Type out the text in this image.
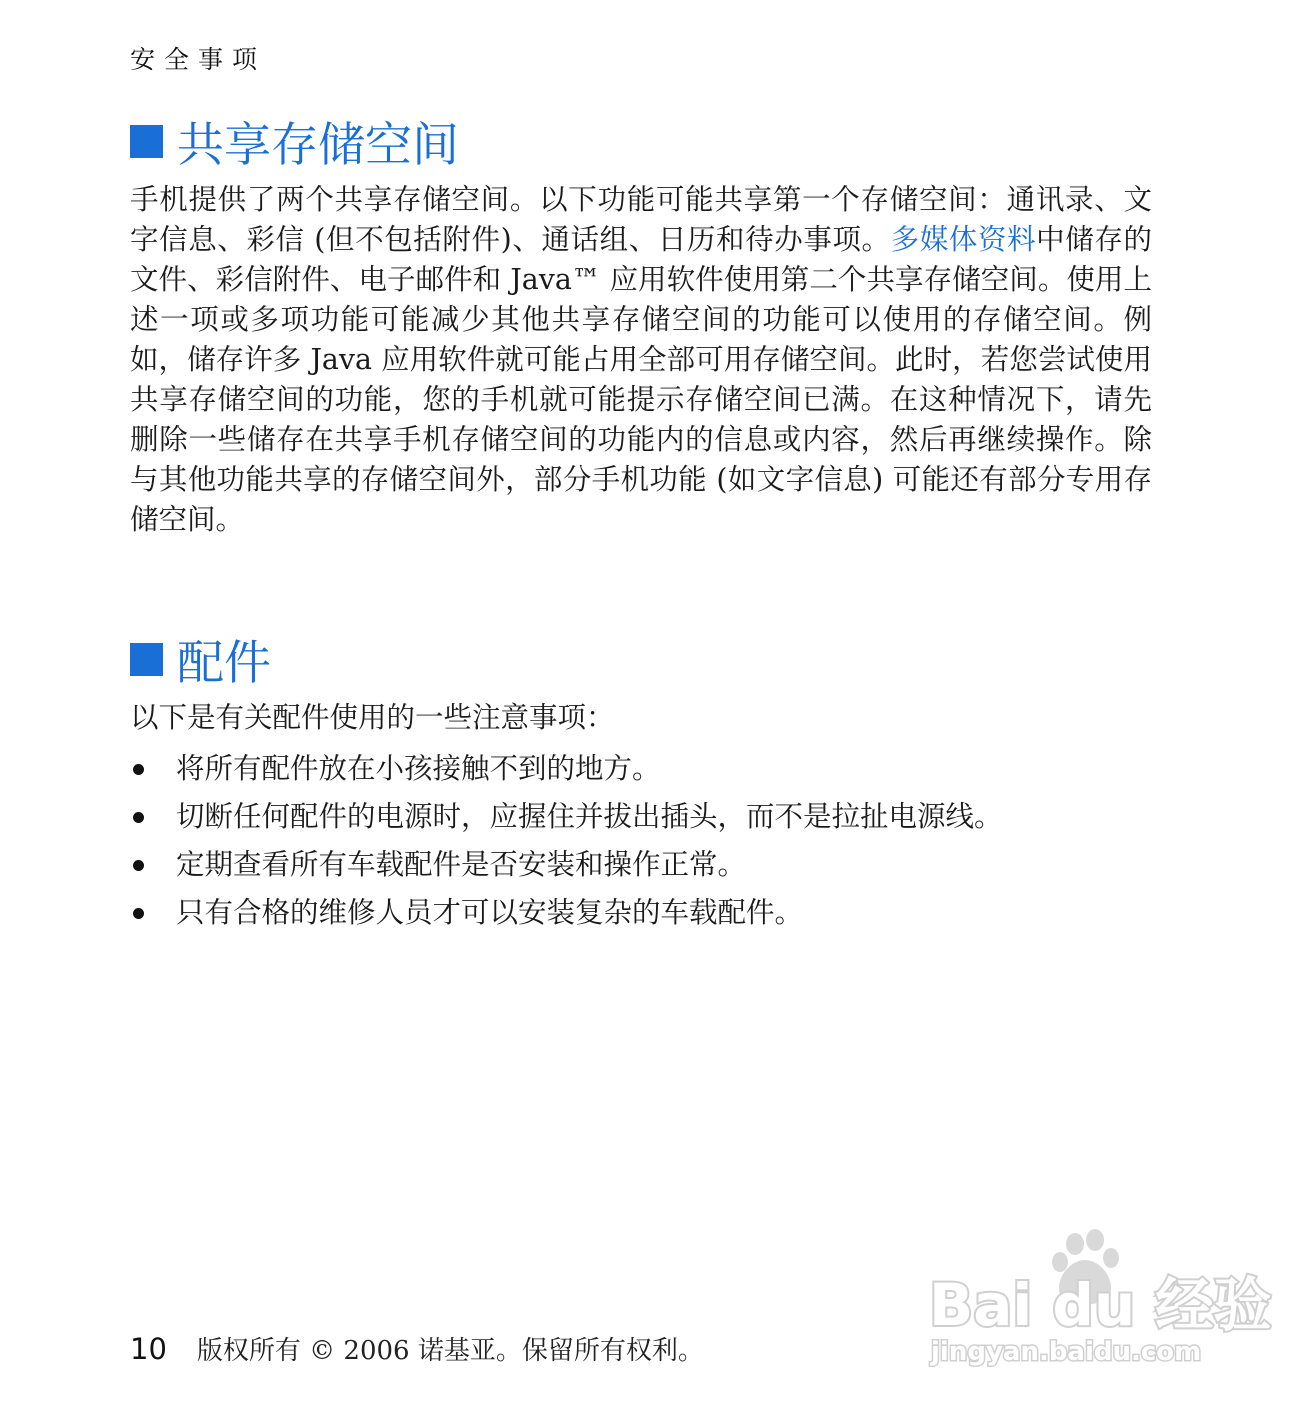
安全事项
共享存储空间

手机提供了两个共享存储空间。以下功能可能共享第一个存储空间：通讯录、文字信息、彩信 (但不包括附件)、通话组、日历和待办事项。多媒体资料中储存的文件、彩信附件、电子邮件和 Java™ 应用软件使用第二个共享存储空间。使用上述一项或多项功能可能减少其他共享存储空间的功能可以使用的存储空间。例如，储存许多 Java 应用软件就可能占用全部可用存储空间。此时，若您尝试使用共享存储空间的功能，您的手机就可能提示存储空间已满。在这种情况下，请先删除一些储存在共享手机存储空间的功能内的信息或内容，然后再继续操作。除与其他功能共享的存储空间外，部分手机功能 (如文字信息) 可能还有部分专用存储空间。

配件

以下是有关配件使用的一些注意事项：

将所有配件放在小孩接触不到的地方。
切断任何配件的电源时，应握住并拔出插头，而不是拉扯电源线。
定期查看所有车载配件是否安装和操作正常。
只有合格的维修人员才可以安装复杂的车载配件。
10 版权所有 © 2006 诺基亚。保留所有权利。
Bai du 经验
jingyan.baidu.com
